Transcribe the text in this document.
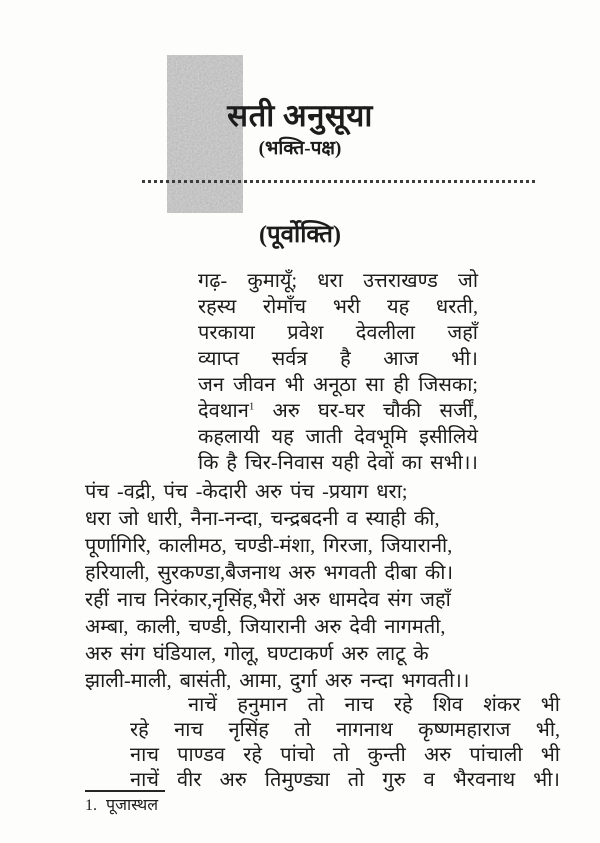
सती अनुसूया
(भक्ति-पक्ष)
(पूर्वोक्ति)
गढ़- कुमायूँ; धरा उत्तराखण्ड जो
रहस्य रोमाँच भरी यह धरती,
परकाया प्रवेश देवलीला जहाँ
व्याप्त सर्वत्र है आज भी।
जन जीवन भी अनूठा सा ही जिसका;
देवथान$^1$ अरु घर-घर चौकी सर्जीं,
कहलायी यह जाती देवभूमि इसीलिये
कि है चिर-निवास यही देवों का सभी।।
पंच -वद्री, पंच -केदारी अरु पंच -प्रयाग धरा;
धरा जो धारी, नैना-नन्दा, चन्द्रबदनी व स्याही की,
पूर्णागिरि, कालीमठ, चण्डी-मंशा, गिरजा, जियारानी,
हरियाली, सुरकण्डा,बैजनाथ अरु भगवती दीबा की।
रहीं नाच निरंकार,नृसिंह,भैरों अरु धामदेव संग जहाँ
अम्बा, काली, चण्डी, जियारानी अरु देवी नागमती,
अरु संग घंडियाल, गोलू, घण्टाकर्ण अरु लाटू के
झाली-माली, बासंती, आमा, दुर्गा अरु नन्दा भगवती।।
नाचें हनुमान तो नाच रहे शिव शंकर भी
रहे नाच नृसिंह तो नागनाथ कृष्णमहाराज भी,
नाच पाण्डव रहे पांचो तो कुन्ती अरु पांचाली भी
नाचें वीर अरु तिमुण्ड्या तो गुरु व भैरवनाथ भी।
1. पूजास्थल
